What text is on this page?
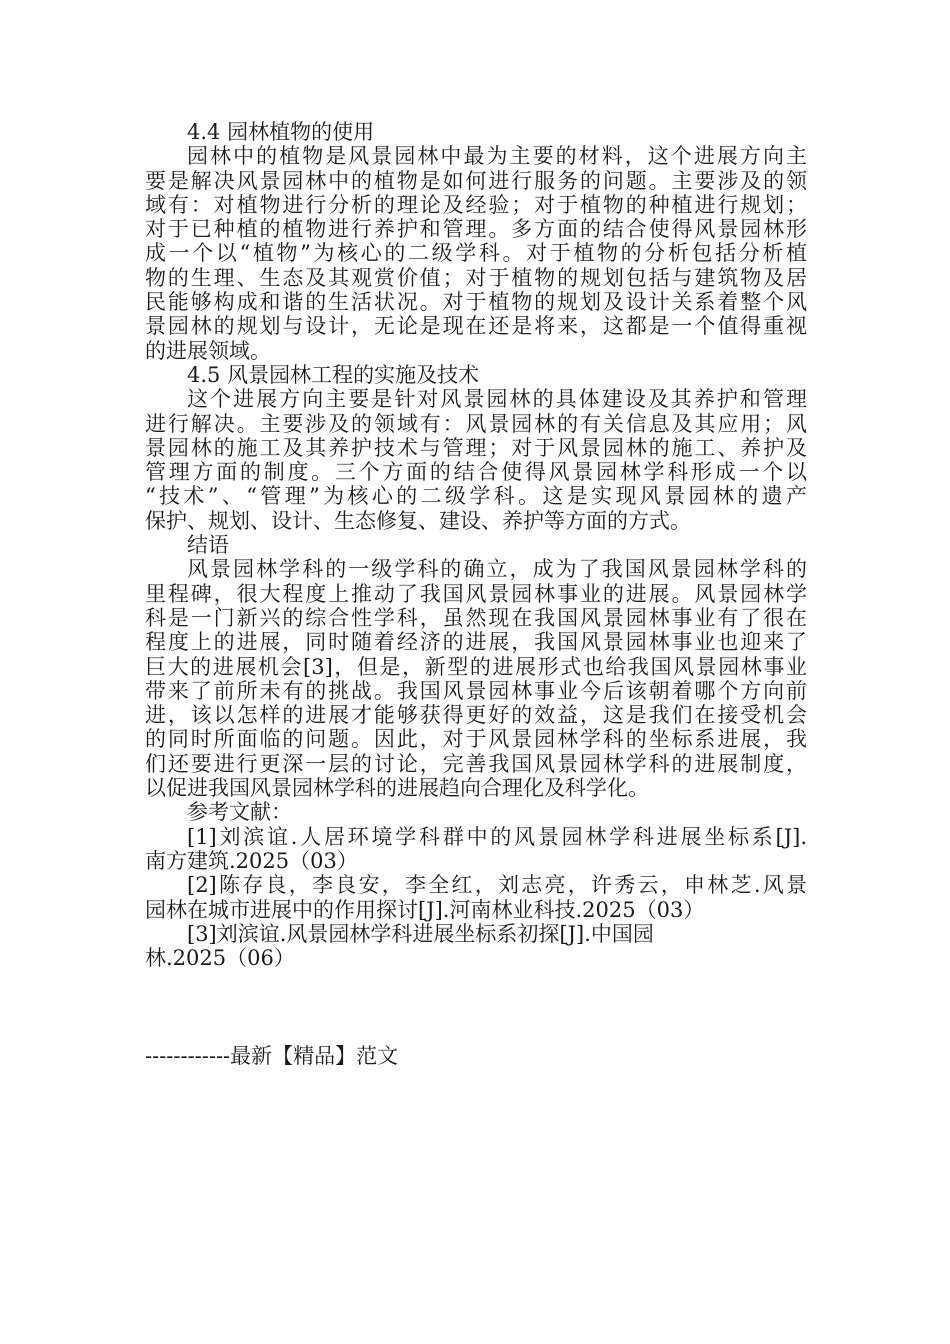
4.4 园林植物的使用
园林中的植物是风景园林中最为主要的材料，这个进展方向主
要是解决风景园林中的植物是如何进行服务的问题。主要涉及的领
域有：对植物进行分析的理论及经验；对于植物的种植进行规划；
对于已种植的植物进行养护和管理。多方面的结合使得风景园林形
成一个以“植物”为核心的二级学科。对于植物的分析包括分析植
物的生理、生态及其观赏价值；对于植物的规划包括与建筑物及居
民能够构成和谐的生活状况。对于植物的规划及设计关系着整个风
景园林的规划与设计，无论是现在还是将来，这都是一个值得重视
的进展领域。
4.5 风景园林工程的实施及技术
这个进展方向主要是针对风景园林的具体建设及其养护和管理
进行解决。主要涉及的领域有：风景园林的有关信息及其应用；风
景园林的施工及其养护技术与管理；对于风景园林的施工、养护及
管理方面的制度。三个方面的结合使得风景园林学科形成一个以
“技术”、“管理”为核心的二级学科。这是实现风景园林的遗产
保护、规划、设计、生态修复、建设、养护等方面的方式。
结语
风景园林学科的一级学科的确立，成为了我国风景园林学科的
里程碑，很大程度上推动了我国风景园林事业的进展。风景园林学
科是一门新兴的综合性学科，虽然现在我国风景园林事业有了很在
程度上的进展，同时随着经济的进展，我国风景园林事业也迎来了
巨大的进展机会[3]，但是，新型的进展形式也给我国风景园林事业
带来了前所未有的挑战。我国风景园林事业今后该朝着哪个方向前
进，该以怎样的进展才能够获得更好的效益，这是我们在接受机会
的同时所面临的问题。因此，对于风景园林学科的坐标系进展，我
们还要进行更深一层的讨论，完善我国风景园林学科的进展制度，
以促进我国风景园林学科的进展趋向合理化及科学化。
参考文献：
[1]刘滨谊.人居环境学科群中的风景园林学科进展坐标系[J].
南方建筑.2025（03）
[2]陈存良，李良安，李全红，刘志亮，许秀云，申林芝.风景
园林在城市进展中的作用探讨[J].河南林业科技.2025（03）
[3]刘滨谊.风景园林学科进展坐标系初探[J].中国园
林.2025（06）
------------最新【精品】范文
